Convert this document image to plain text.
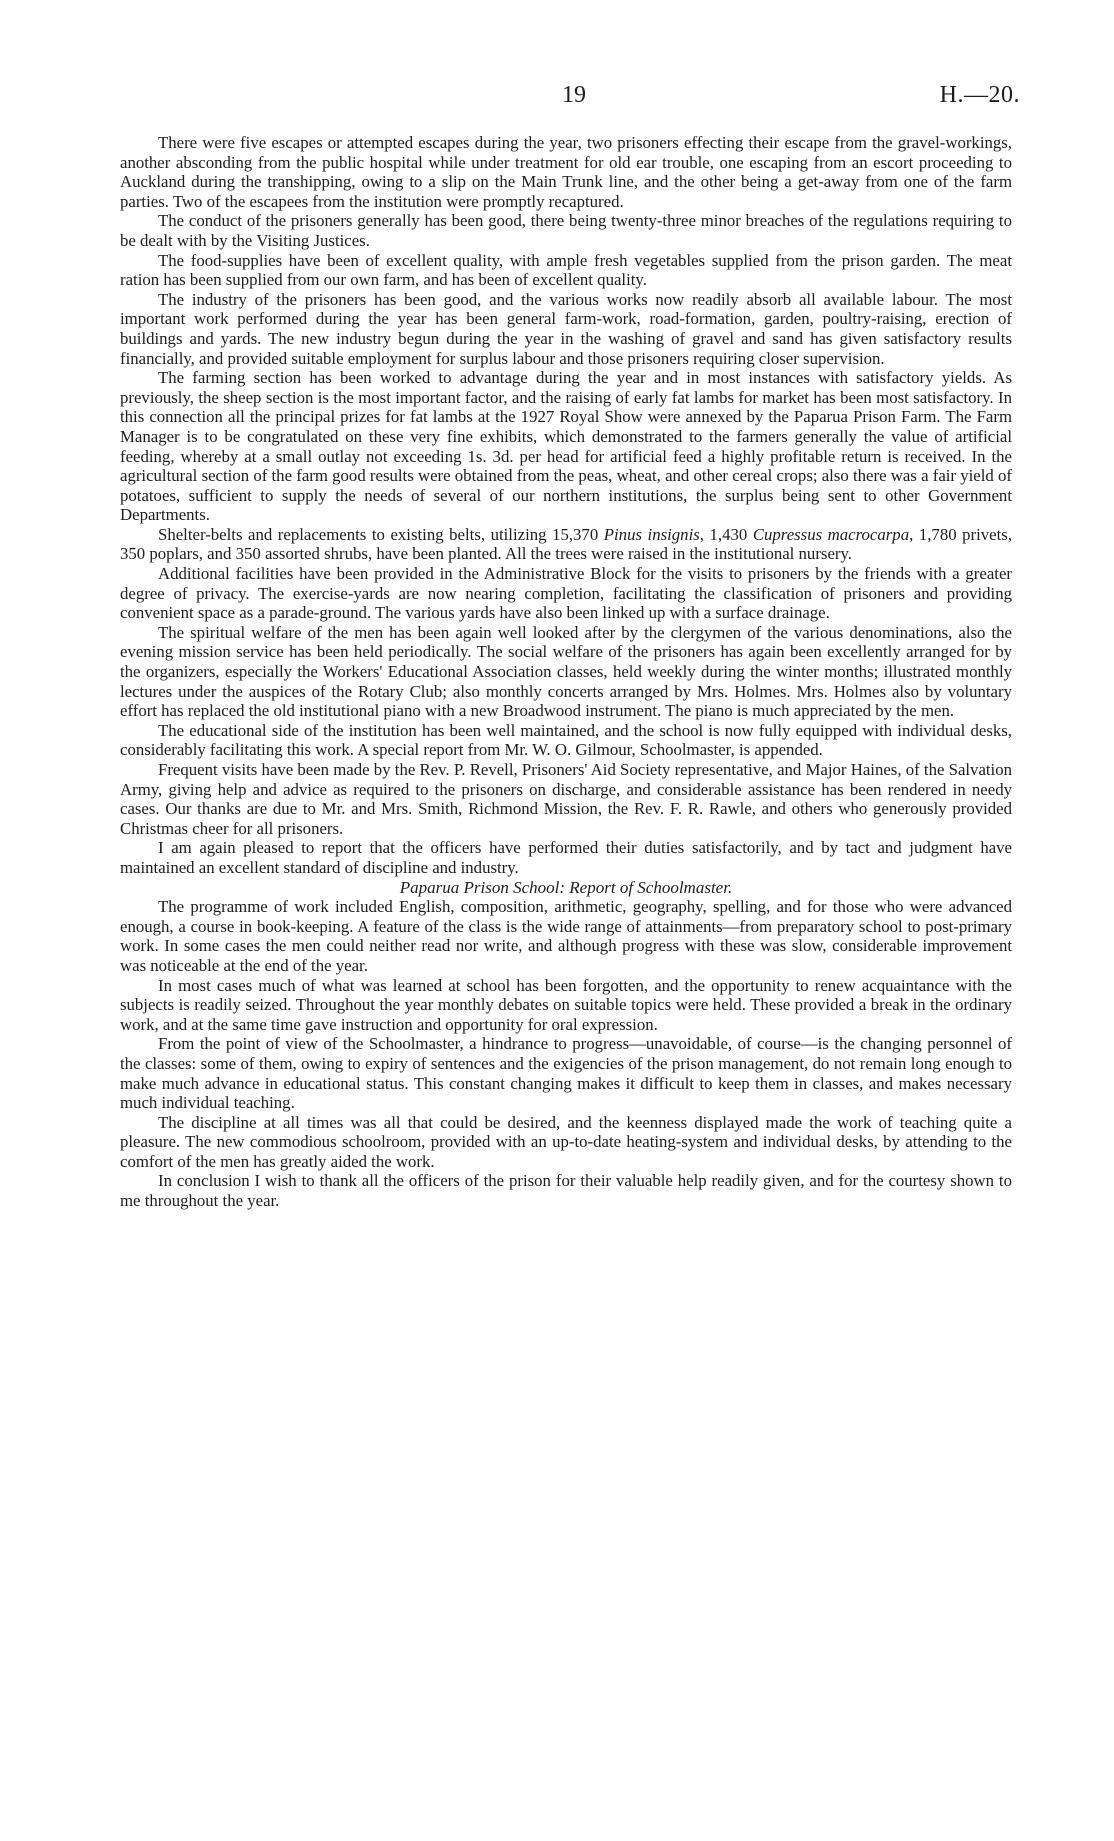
19	H.—20.

There were five escapes or attempted escapes during the year, two prisoners effecting their escape from the gravel-workings, another absconding from the public hospital while under treatment for old ear trouble, one escaping from an escort proceeding to Auckland during the transhipping, owing to a slip on the Main Trunk line, and the other being a get-away from one of the farm parties. Two of the escapees from the institution were promptly recaptured.

The conduct of the prisoners generally has been good, there being twenty-three minor breaches of the regulations requiring to be dealt with by the Visiting Justices.

The food-supplies have been of excellent quality, with ample fresh vegetables supplied from the prison garden. The meat ration has been supplied from our own farm, and has been of excellent quality.

The industry of the prisoners has been good, and the various works now readily absorb all available labour. The most important work performed during the year has been general farm-work, road-formation, garden, poultry-raising, erection of buildings and yards. The new industry begun during the year in the washing of gravel and sand has given satisfactory results financially, and provided suitable employment for surplus labour and those prisoners requiring closer supervision.

The farming section has been worked to advantage during the year and in most instances with satisfactory yields. As previously, the sheep section is the most important factor, and the raising of early fat lambs for market has been most satisfactory. In this connection all the principal prizes for fat lambs at the 1927 Royal Show were annexed by the Paparua Prison Farm. The Farm Manager is to be congratulated on these very fine exhibits, which demonstrated to the farmers generally the value of artificial feeding, whereby at a small outlay not exceeding 1s. 3d. per head for artificial feed a highly profitable return is received. In the agricultural section of the farm good results were obtained from the peas, wheat, and other cereal crops; also there was a fair yield of potatoes, sufficient to supply the needs of several of our northern institutions, the surplus being sent to other Government Departments.

Shelter-belts and replacements to existing belts, utilizing 15,370 Pinus insignis, 1,430 Cupressus macrocarpa, 1,780 privets, 350 poplars, and 350 assorted shrubs, have been planted. All the trees were raised in the institutional nursery.

Additional facilities have been provided in the Administrative Block for the visits to prisoners by the friends with a greater degree of privacy. The exercise-yards are now nearing completion, facilitating the classification of prisoners and providing convenient space as a parade-ground. The various yards have also been linked up with a surface drainage.

The spiritual welfare of the men has been again well looked after by the clergymen of the various denominations, also the evening mission service has been held periodically. The social welfare of the prisoners has again been excellently arranged for by the organizers, especially the Workers' Educational Association classes, held weekly during the winter months; illustrated monthly lectures under the auspices of the Rotary Club; also monthly concerts arranged by Mrs. Holmes. Mrs. Holmes also by voluntary effort has replaced the old institutional piano with a new Broadwood instrument. The piano is much appreciated by the men.

The educational side of the institution has been well maintained, and the school is now fully equipped with individual desks, considerably facilitating this work. A special report from Mr. W. O. Gilmour, Schoolmaster, is appended.

Frequent visits have been made by the Rev. P. Revell, Prisoners' Aid Society representative, and Major Haines, of the Salvation Army, giving help and advice as required to the prisoners on discharge, and considerable assistance has been rendered in needy cases. Our thanks are due to Mr. and Mrs. Smith, Richmond Mission, the Rev. F. R. Rawle, and others who generously provided Christmas cheer for all prisoners.

I am again pleased to report that the officers have performed their duties satisfactorily, and by tact and judgment have maintained an excellent standard of discipline and industry.

Paparua Prison School: Report of Schoolmaster.

The programme of work included English, composition, arithmetic, geography, spelling, and for those who were advanced enough, a course in book-keeping. A feature of the class is the wide range of attainments—from preparatory school to post-primary work. In some cases the men could neither read nor write, and although progress with these was slow, considerable improvement was noticeable at the end of the year.

In most cases much of what was learned at school has been forgotten, and the opportunity to renew acquaintance with the subjects is readily seized. Throughout the year monthly debates on suitable topics were held. These provided a break in the ordinary work, and at the same time gave instruction and opportunity for oral expression.

From the point of view of the Schoolmaster, a hindrance to progress—unavoidable, of course—is the changing personnel of the classes: some of them, owing to expiry of sentences and the exigencies of the prison management, do not remain long enough to make much advance in educational status. This constant changing makes it difficult to keep them in classes, and makes necessary much individual teaching.

The discipline at all times was all that could be desired, and the keenness displayed made the work of teaching quite a pleasure. The new commodious schoolroom, provided with an up-to-date heating-system and individual desks, by attending to the comfort of the men has greatly aided the work.

In conclusion I wish to thank all the officers of the prison for their valuable help readily given, and for the courtesy shown to me throughout the year.
